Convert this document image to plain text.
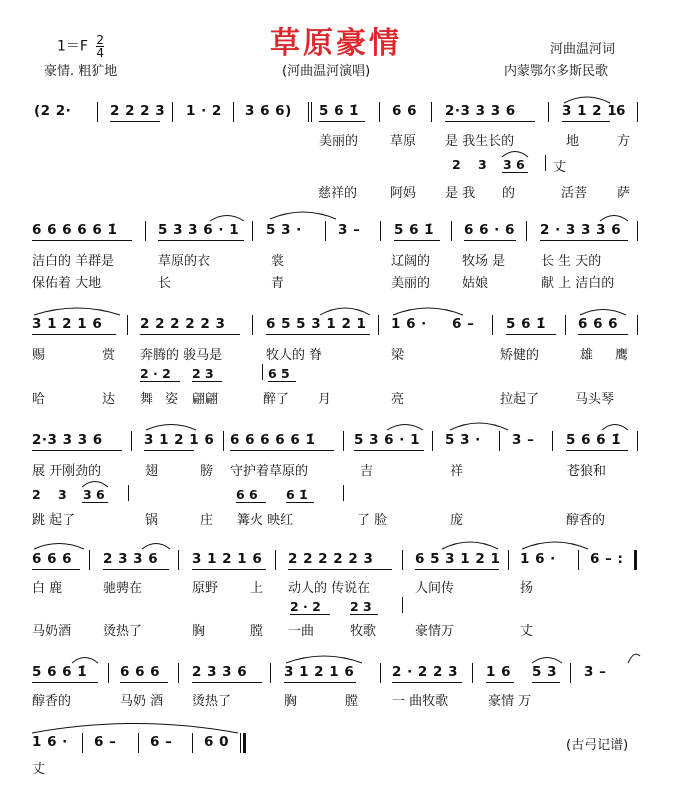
草原豪情
$1=F \frac{2}{4}$
豪情. 粗犷地	(河曲温河演唱)
河曲温河词
内蒙鄂尔多斯民歌
(2 2·	2 2 2 3 1 · 2 3 6 6) 5 6 1̇ 6 6 2·3 3 3 6	3 1 2 1
6
美丽的 草原 是 我生长的	地	方
2 3 3 6 丈
慈祥的	阿妈 是 我 的	活菩 萨
6 6 6 6 6 1̇	5 3 3 6 · 1 5 3 ·	3 – 5 6 1̇ 6 6 · 6 2 · 3 3 3 6
洁白的 羊群是	草原的衣	裳	辽阔的 牧场 是	长 生 天的
保佑着 大地	长	青	美丽的 姑娘	献 上 洁白的
3 1 2 1 6	2 2 2 2 2 3	6 5 5 3 1 2 1 1 6 · 6 – 5 6 1̇ 6 6 6
赐	赏 奔腾的 骏马是	牧人的 脊	梁	矫健的	雄 鹰
2 · 2 2 3	6 5
哈	达 舞 姿 翩翩	醉了 月	亮	拉起了	马头琴
2·3 3 3 6	3 1 2 1 6 6 6 6 6 6 1̇	5 3 6 · 1 5 3 · 3 – 5 6 6 1̇
展 开刚劲的	翅	膀 守护着草原的	吉	祥	苍狼和
2 3 3 6	6 6 6 1̇
跳 起了	锅	庄 篝火 映红	了 脸	庞	醇香的
6 6 6 2 3 3 6	3 1 2 1 6 2 2 2 2 2 3	6 5 3 1 2 1 1 6 ·	6 – :
白 鹿	驰骋在	原野 上 动人的 传说在	人间传	扬
2 · 2 2 3
马奶酒 烫热了	胸	膛 一曲	牧歌	豪情万	丈
5 6 6 1̇ 6 6 6 2 3 3 6	3 1 2 1 6	2 · 2 2 3 1 6 5 3 3 –
醇香的	马奶 酒 烫热了	胸	膛	一 曲牧歌	豪情 万
1 6 · 6 – 6 – 6 0
丈
(古弓记谱)
